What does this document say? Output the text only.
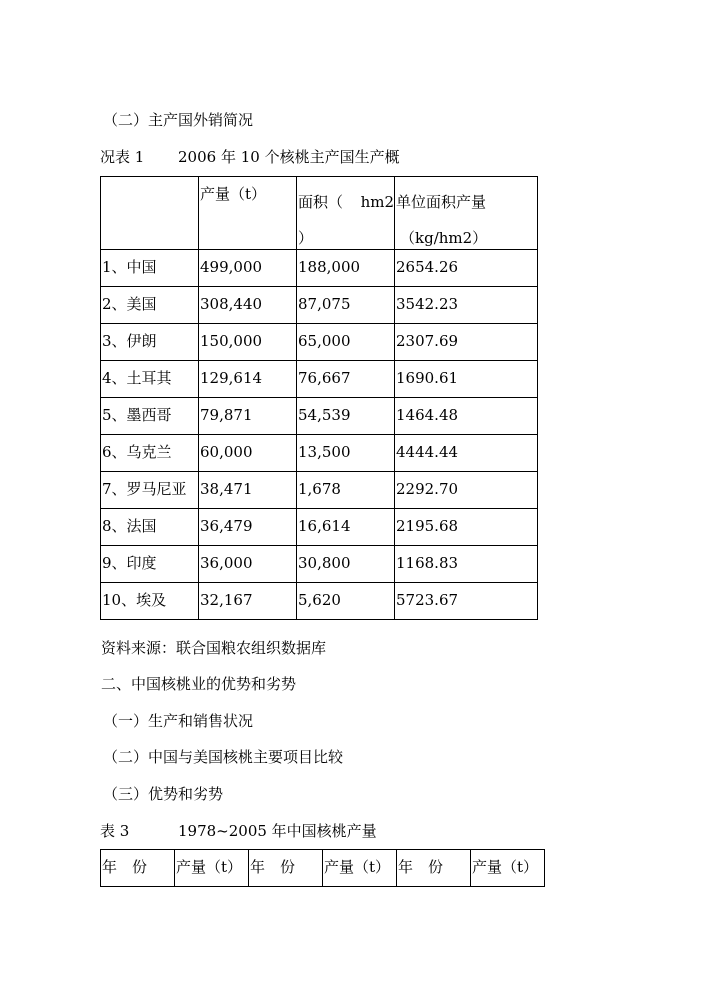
（二）主产国外销简况
况表 1 2006 年 10 个核桃主产国生产概

	产量（t）	面积（ hm2
）	单位面积产量
（kg/hm2）

1、中国	499,000	188,000	2654.26

2、美国	308,440	87,075	3542.23

3、伊朗	150,000	65,000	2307.69

4、土耳其	129,614	76,667	1690.61

5、墨西哥	79,871	54,539	1464.48

6、乌克兰	60,000	13,500	4444.44

7、罗马尼亚	38,471	1,678	2292.70

8、法国	36,479	16,614	2195.68

9、印度	36,000	30,800	1168.83

10、埃及	32,167	5,620	5723.67
资料来源：联合国粮农组织数据库
二、中国核桃业的优势和劣势
（一）生产和销售状况
（二）中国与美国核桃主要项目比较
（三）优势和劣势
表 3	1978~2005 年中国核桃产量
年　份	产量（t）	年　份	产量（t）	年　份	产量（t）
